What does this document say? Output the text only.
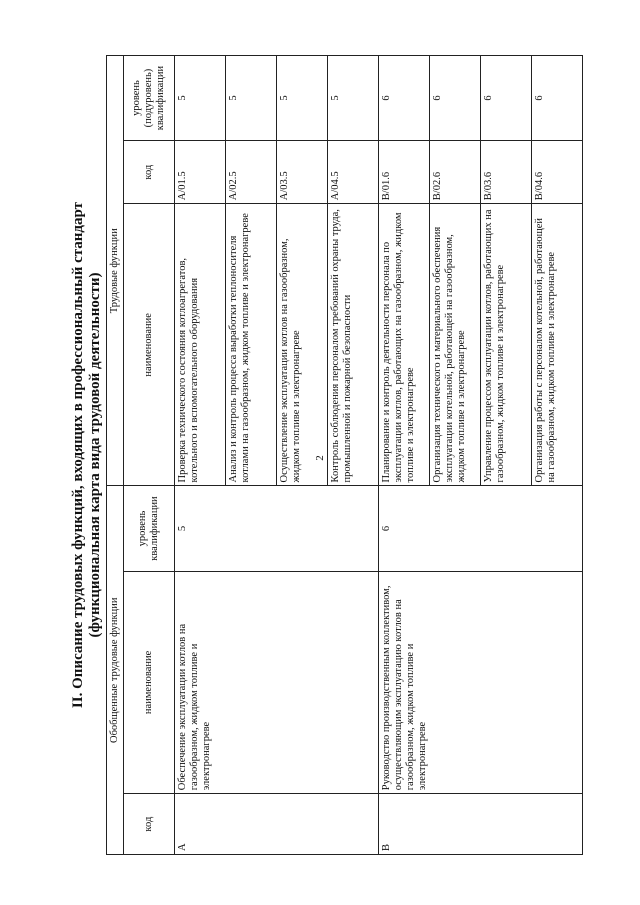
2
II. Описание трудовых функций, входящих в профессиональный стандарт (функциональная карта вида трудовой деятельности)
Обобщенные трудовые функции			Трудовые функции		
код	наименование	уровень квалификации	наименование	код	уровень (подуровень) квалификации
А	Обеспечение эксплуатации котлов на газообразном, жидком топливе и электронагреве	5	Проверка технического состояния котлоагрегатов, котельного и вспомогательного оборудования	А/01.5	5
			Анализ и контроль процесса выработки теплоносителя котлами на газообразном, жидком топливе и электронагреве	А/02.5	5
			Осуществление эксплуатации котлов на газообразном, жидком топливе и электронагреве	А/03.5	5
			Контроль соблюдения персоналом требований охраны труда, промышленной и пожарной безопасности	А/04.5	5
В	Руководство производственным коллективом, осуществляющим эксплуатацию котлов на газообразном, жидком топливе и электронагреве	6	Планирование и контроль деятельности персонала по эксплуатации котлов, работающих на газообразном, жидком топливе и электронагреве	В/01.6	6
			Организация технического и материального обеспечения эксплуатации котельной, работающей на газообразном, жидком топливе и электронагреве	В/02.6	6
			Управление процессом эксплуатации котлов, работающих на газообразном, жидком топливе и электронагреве	В/03.6	6
			Организация работы с персоналом котельной, работающей на газообразном, жидком топливе и электронагреве	В/04.6	6
